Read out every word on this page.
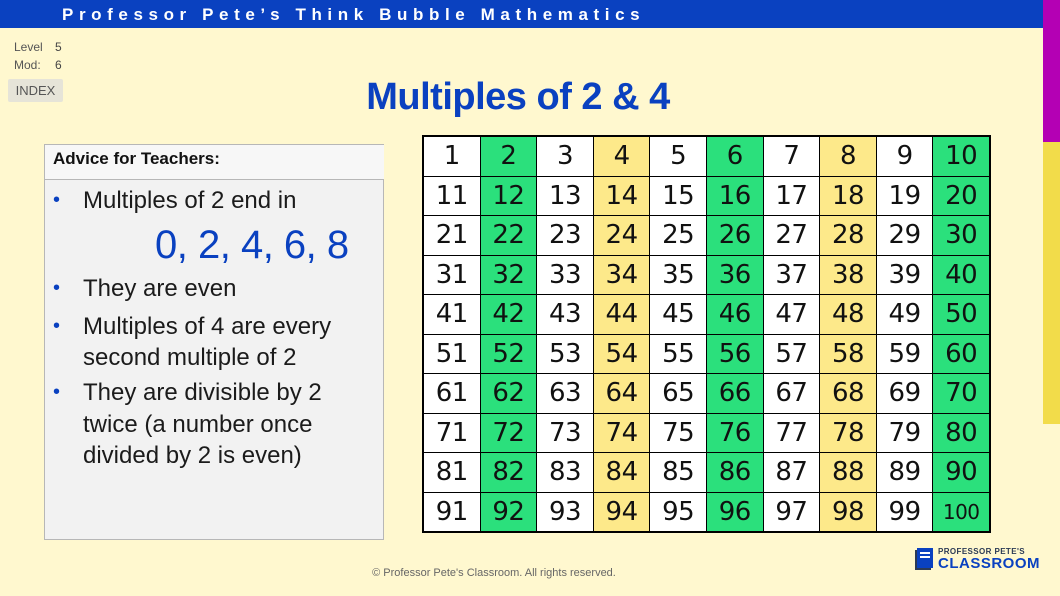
Professor Pete’s Think Bubble Mathematics
Level 5
Mod: 6
INDEX	Multiples of 2 & 4
Advice for Teachers:
• Multiples of 2 end in
0, 2, 4, 6, 8
• They are even
• Multiples of 4 are every
second multiple of 2
• They are divisible by 2
twice (a number once
divided by 2 is even)
1	2	3	4	5	6	7	8	9	10
11 12 13 14 15 16 17 18 19 20
21 22 23 24 25 26 27 28 29 30
31 32 33 34 35 36 37 38 39 40
41 42 43 44 45 46 47 48 49 50
51 52 53 54 55 56 57 58 59 60
61 62 63 64 65 66 67 68 69 70
71 72 73 74 75 76 77 78 79 80
81 82 83 84 85 86 87 88 89 90
91 92 93 94 95 96 97 98 99	100
© Professor Pete's Classroom. All rights reserved.
PROFESSOR PETE'S
CLASSROOM
